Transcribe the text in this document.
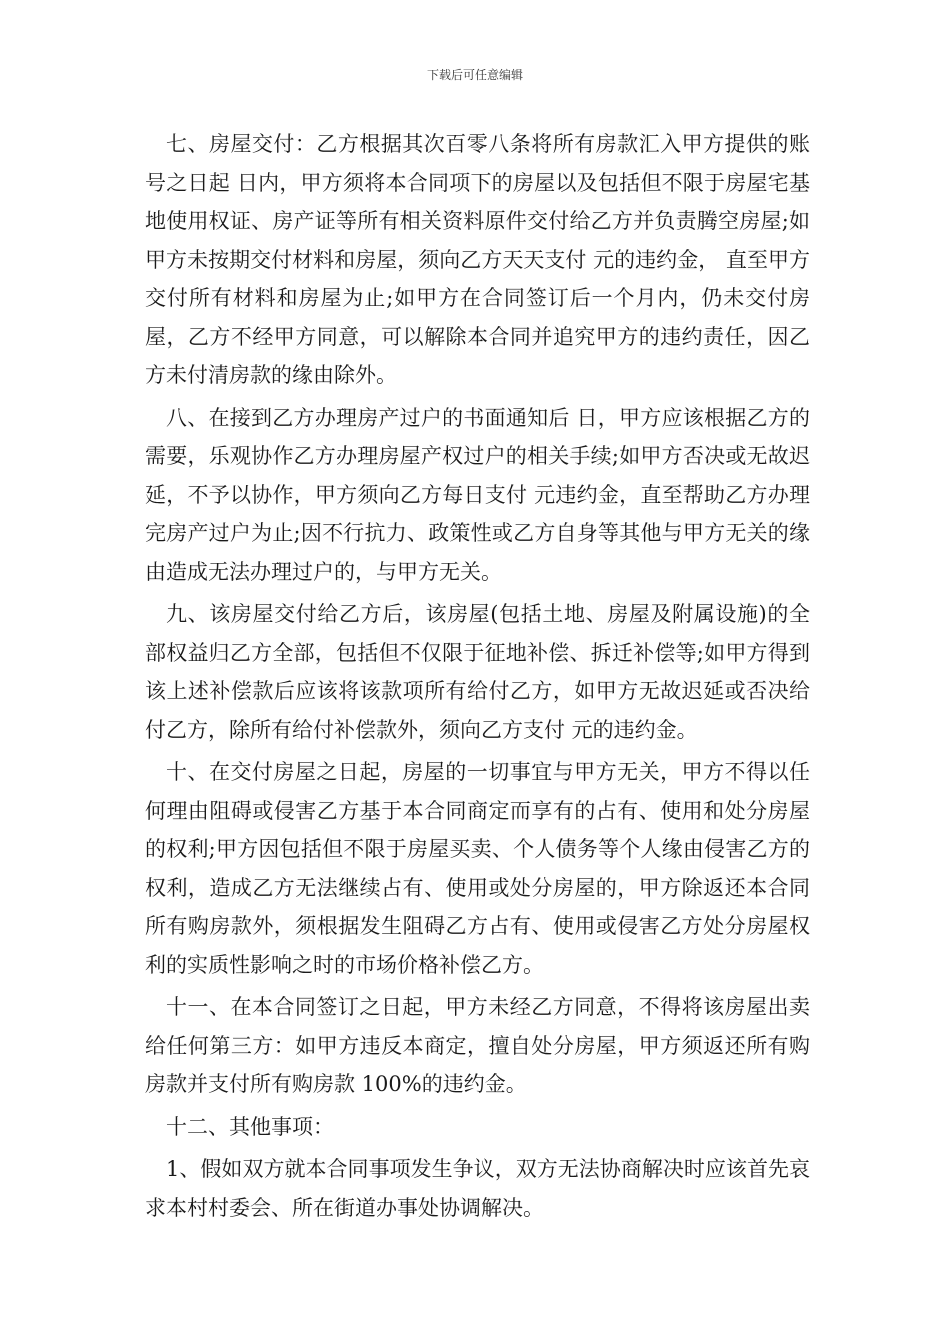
下载后可任意编辑

七、房屋交付：乙方根据其次百零八条将所有房款汇入甲方提供的账号之日起 日内，甲方须将本合同项下的房屋以及包括但不限于房屋宅基地使用权证、房产证等所有相关资料原件交付给乙方并负责腾空房屋;如甲方未按期交付材料和房屋，须向乙方天天支付 元的违约金， 直至甲方交付所有材料和房屋为止;如甲方在合同签订后一个月内，仍未交付房屋，乙方不经甲方同意，可以解除本合同并追究甲方的违约责任，因乙方未付清房款的缘由除外。

八、在接到乙方办理房产过户的书面通知后 日，甲方应该根据乙方的需要，乐观协作乙方办理房屋产权过户的相关手续;如甲方否决或无故迟延，不予以协作，甲方须向乙方每日支付 元违约金，直至帮助乙方办理完房产过户为止;因不行抗力、政策性或乙方自身等其他与甲方无关的缘由造成无法办理过户的，与甲方无关。

九、该房屋交付给乙方后，该房屋(包括土地、房屋及附属设施)的全部权益归乙方全部，包括但不仅限于征地补偿、拆迁补偿等;如甲方得到该上述补偿款后应该将该款项所有给付乙方，如甲方无故迟延或否决给付乙方，除所有给付补偿款外，须向乙方支付 元的违约金。

十、在交付房屋之日起，房屋的一切事宜与甲方无关，甲方不得以任何理由阻碍或侵害乙方基于本合同商定而享有的占有、使用和处分房屋的权利;甲方因包括但不限于房屋买卖、个人债务等个人缘由侵害乙方的权利，造成乙方无法继续占有、使用或处分房屋的，甲方除返还本合同所有购房款外，须根据发生阻碍乙方占有、使用或侵害乙方处分房屋权利的实质性影响之时的市场价格补偿乙方。

十一、在本合同签订之日起，甲方未经乙方同意，不得将该房屋出卖给任何第三方：如甲方违反本商定，擅自处分房屋，甲方须返还所有购房款并支付所有购房款 100%的违约金。

十二、其他事项：

1、假如双方就本合同事项发生争议，双方无法协商解决时应该首先哀求本村村委会、所在街道办事处协调解决。
